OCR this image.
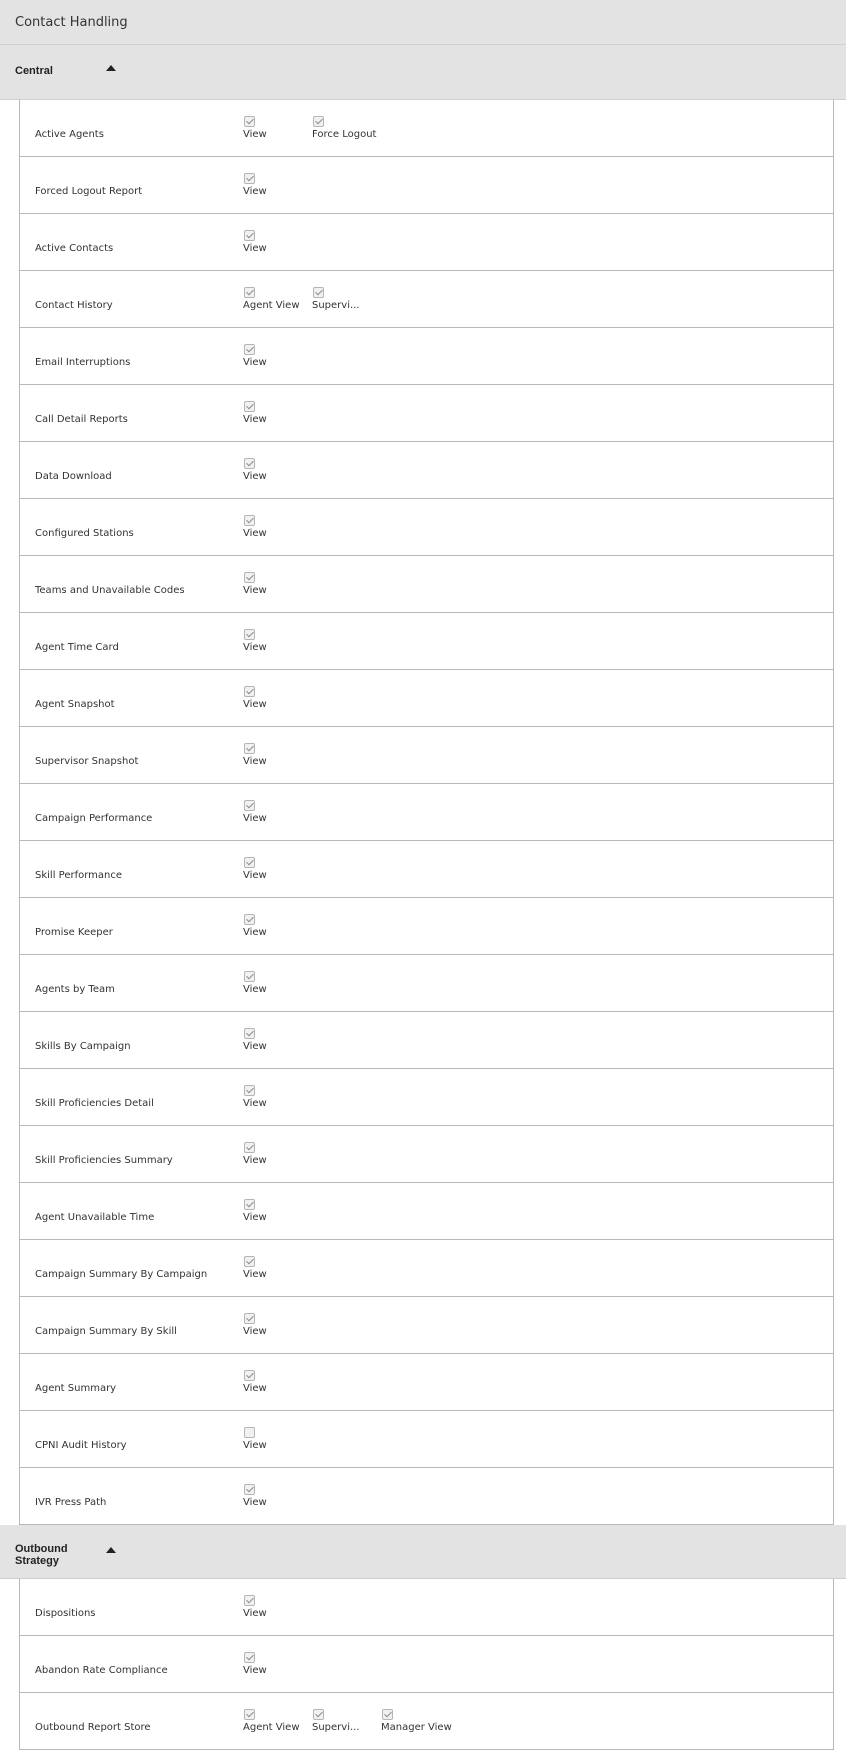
Contact Handling
Central
Active Agents	View	Force Logout
Forced Logout Report	View
Active Contacts	View
Contact History	Agent View	Supervi...
Email Interruptions	View
Call Detail Reports	View
Data Download	View
Configured Stations	View
Teams and Unavailable Codes	View
Agent Time Card	View
Agent Snapshot	View
Supervisor Snapshot	View
Campaign Performance	View
Skill Performance	View
Promise Keeper	View
Agents by Team	View
Skills By Campaign	View
Skill Proficiencies Detail	View
Skill Proficiencies Summary	View
Agent Unavailable Time	View
Campaign Summary By Campaign	View
Campaign Summary By Skill	View
Agent Summary	View
CPNI Audit History	View
IVR Press Path	View
Outbound Strategy
Dispositions	View
Abandon Rate Compliance	View
Outbound Report Store	Agent View	Supervi...	Manager View
